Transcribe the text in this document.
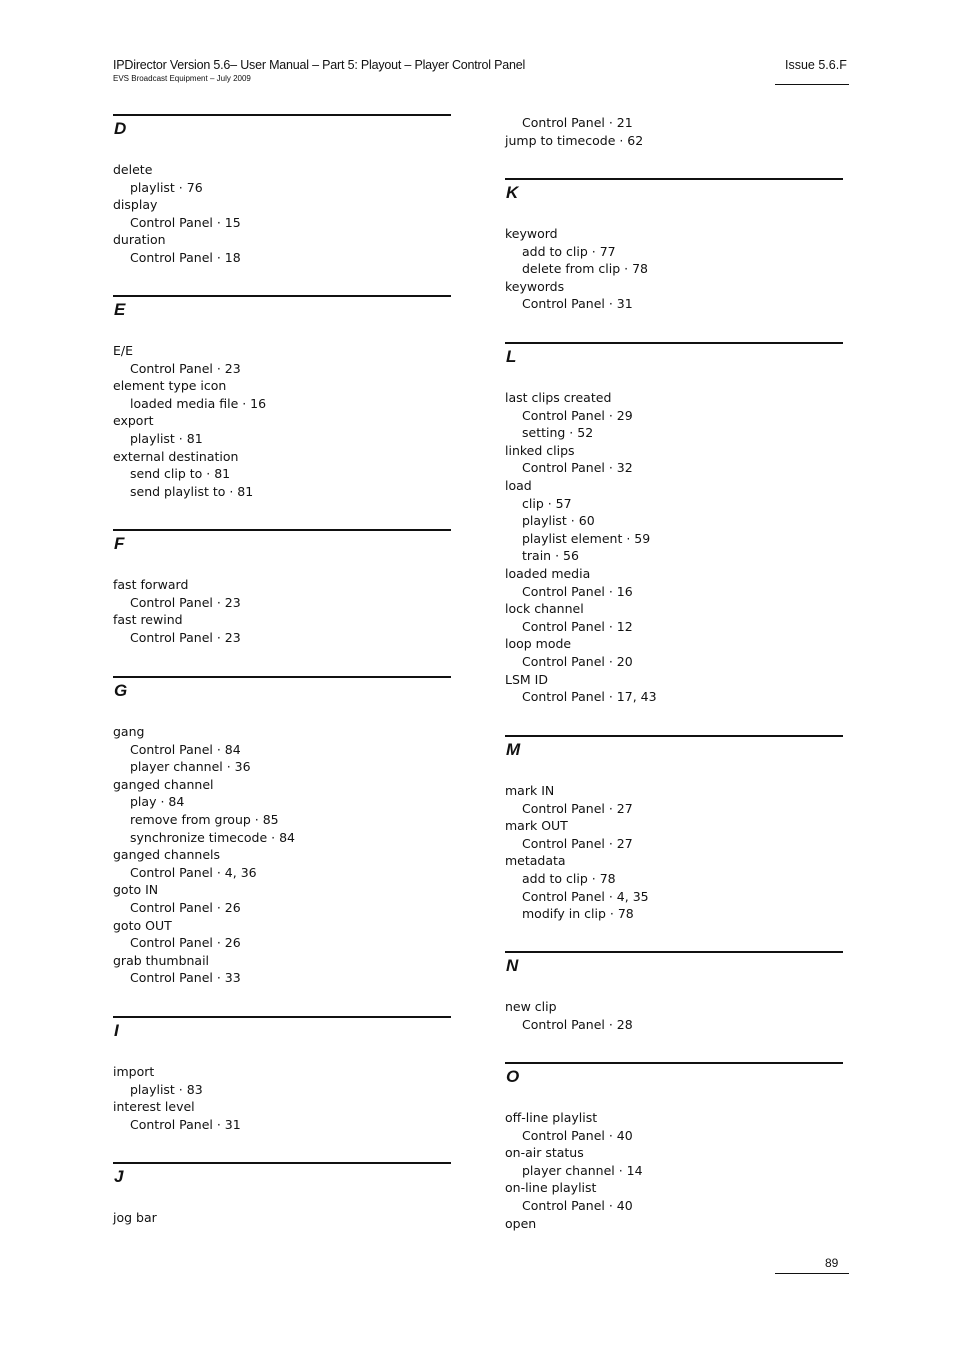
IPDirector Version 5.6– User Manual – Part 5: Playout – Player Control Panel
EVS Broadcast Equipment – July 2009
Issue 5.6.F
D
delete
playlist · 76
display
Control Panel · 15
duration
Control Panel · 18
E
E/E
Control Panel · 23
element type icon
loaded media file · 16
export
playlist · 81
external destination
send clip to · 81
send playlist to · 81
F
fast forward
Control Panel · 23
fast rewind
Control Panel · 23
G
gang
Control Panel · 84
player channel · 36
ganged channel
play · 84
remove from group · 85
synchronize timecode · 84
ganged channels
Control Panel · 4, 36
goto IN
Control Panel · 26
goto OUT
Control Panel · 26
grab thumbnail
Control Panel · 33
I
import
playlist · 83
interest level
Control Panel · 31
J
jog bar
Control Panel · 21
jump to timecode · 62
K
keyword
add to clip · 77
delete from clip · 78
keywords
Control Panel · 31
L
last clips created
Control Panel · 29
setting · 52
linked clips
Control Panel · 32
load
clip · 57
playlist · 60
playlist element · 59
train · 56
loaded media
Control Panel · 16
lock channel
Control Panel · 12
loop mode
Control Panel · 20
LSM ID
Control Panel · 17, 43
M
mark IN
Control Panel · 27
mark OUT
Control Panel · 27
metadata
add to clip · 78
Control Panel · 4, 35
modify in clip · 78
N
new clip
Control Panel · 28
O
off-line playlist
Control Panel · 40
on-air status
player channel · 14
on-line playlist
Control Panel · 40
open
89
